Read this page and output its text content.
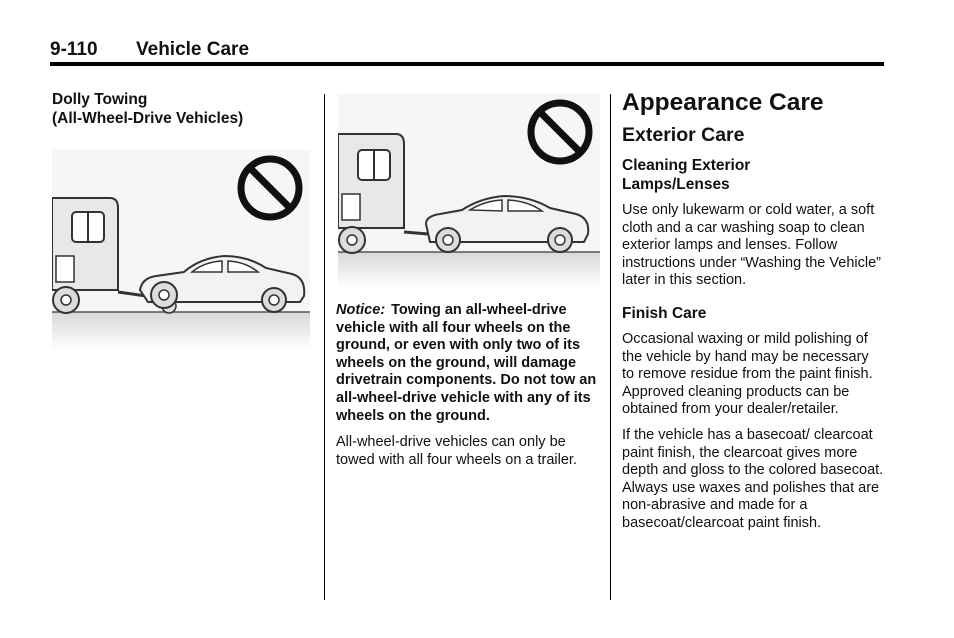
9-110 Vehicle Care

Dolly Towing
(All-Wheel-Drive Vehicles)

Notice: Towing an all-wheel-drive vehicle with all four wheels on the ground, or even with only two of its wheels on the ground, will damage drivetrain components. Do not tow an all-wheel-drive vehicle with any of its wheels on the ground.

All-wheel-drive vehicles can only be towed with all four wheels on a trailer.

Appearance Care

Exterior Care

Cleaning Exterior
Lamps/Lenses

Use only lukewarm or cold water, a soft cloth and a car washing soap to clean exterior lamps and lenses. Follow instructions under “Washing the Vehicle” later in this section.

Finish Care

Occasional waxing or mild polishing of the vehicle by hand may be necessary to remove residue from the paint finish. Approved cleaning products can be obtained from your dealer/retailer.

If the vehicle has a basecoat/ clearcoat paint finish, the clearcoat gives more depth and gloss to the colored basecoat. Always use waxes and polishes that are non-abrasive and made for a basecoat/clearcoat paint finish.
